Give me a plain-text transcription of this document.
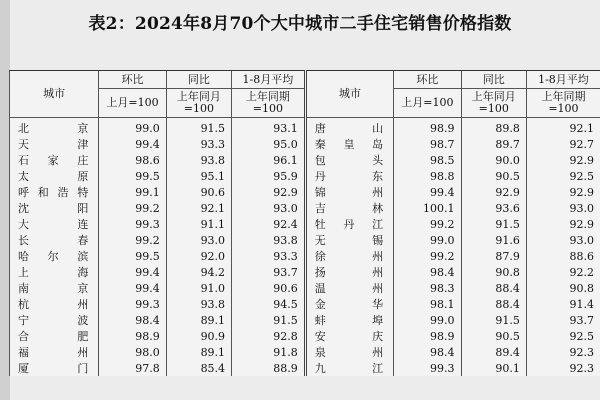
表2：2024年8月70个大中城市二手住宅销售价格指数
城市	环比	同比	1-8月平均	城市	环比	同比	1-8月平均
	上月=100	上年同月=100	上年同期=100		上月=100	上年同月=100	上年同期=100
北京	99.0	91.5	93.1	唐山	98.9	89.8	92.1
天津	99.4	93.3	95.0	秦皇岛	98.7	89.7	92.7
石家庄	98.6	93.8	96.1	包头	98.5	90.0	92.9
太原	99.5	95.1	95.9	丹东	98.8	90.5	92.5
呼和浩特	99.1	90.6	92.9	锦州	99.4	92.9	92.9
沈阳	99.2	92.1	93.0	吉林	100.1	93.6	93.0
大连	99.3	91.1	92.4	牡丹江	99.2	91.5	92.9
长春	99.2	93.0	93.8	无锡	99.0	91.6	93.0
哈尔滨	99.5	92.0	93.3	徐州	99.2	87.9	88.6
上海	99.4	94.2	93.7	扬州	98.4	90.8	92.2
南京	99.4	91.0	90.6	温州	98.3	88.4	90.8
杭州	99.3	93.8	94.5	金华	98.1	88.4	91.4
宁波	98.4	89.1	91.5	蚌埠	99.0	91.5	93.7
合肥	98.9	90.9	92.8	安庆	98.9	90.5	92.5
福州	98.0	89.1	91.8	泉州	98.4	89.4	92.3
厦门	97.8	85.4	88.9	九江	99.3	90.1	92.3
